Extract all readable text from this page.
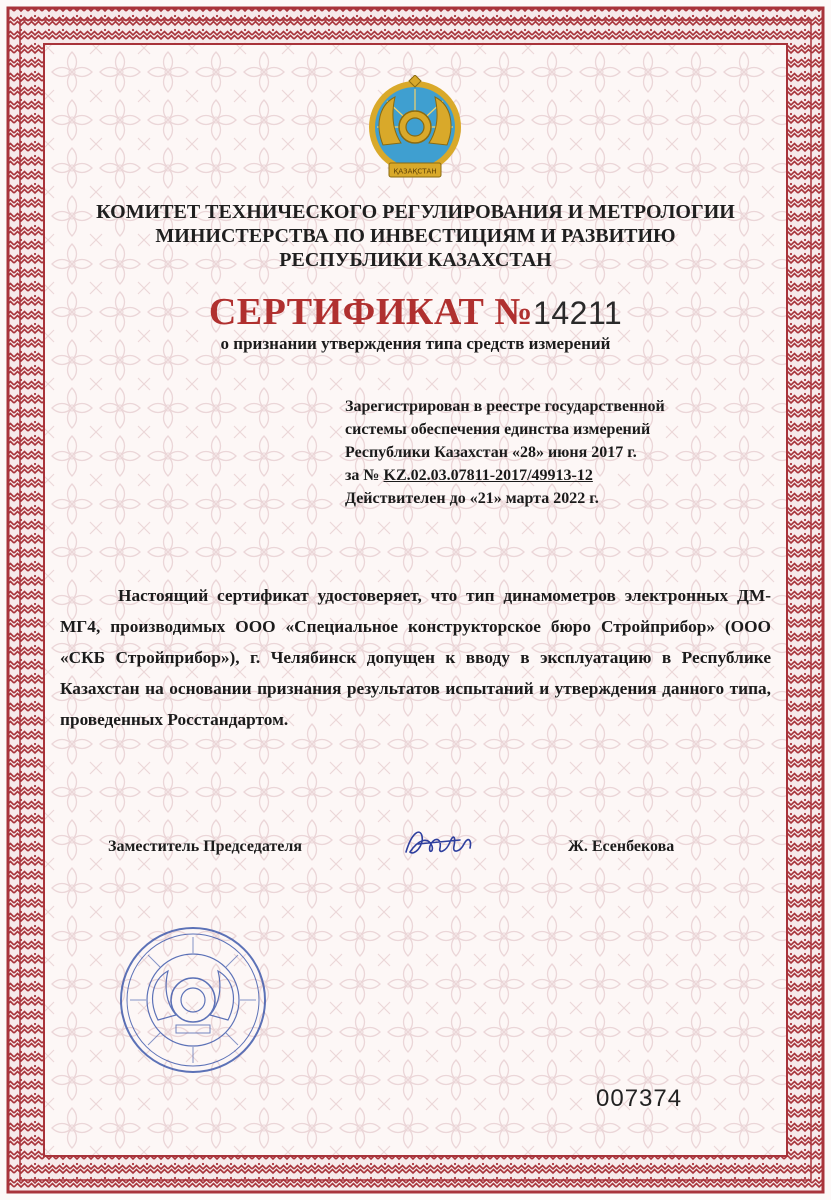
ҚАЗАҚСТАН
КОМИТЕТ ТЕХНИЧЕСКОГО РЕГУЛИРОВАНИЯ И МЕТРОЛОГИИ
МИНИСТЕРСТВА ПО ИНВЕСТИЦИЯМ И РАЗВИТИЮ
РЕСПУБЛИКИ КАЗАХСТАН
СЕРТИФИКАТ №14211
о признании утверждения типа средств измерений
Зарегистрирован в реестре государственной
системы обеспечения единства измерений
Республики Казахстан «28» июня 2017 г.
за № KZ.02.03.07811-2017/49913-12
Действителен до «21» марта 2022 г.
Настоящий сертификат удостоверяет, что тип динамометров электронных ДМ-МГ4, производимых ООО «Специальное конструкторское бюро Стройприбор» (ООО «СКБ Стройприбор»), г. Челябинск допущен к вводу в эксплуатацию в Республике Казахстан на основании признания результатов испытаний и утверждения данного типа, проведенных Росстандартом.
Заместитель Председателя	Ж. Есенбекова
007374
